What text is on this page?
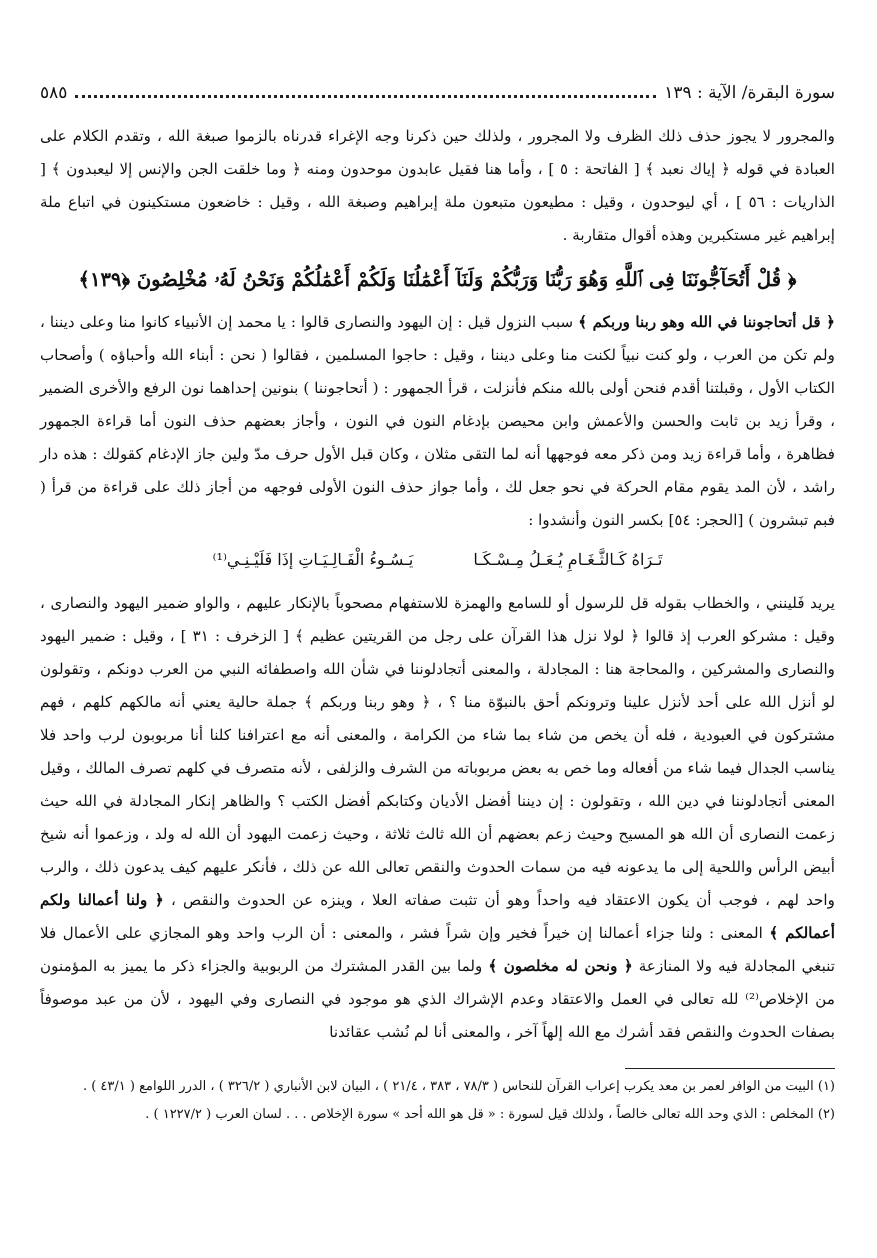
سورة البقرة/ الآية : ١٣٩
٥٨٥

والمجرور لا يجوز حذف ذلك الظرف ولا المجرور ، ولذلك حين ذكرنا وجه الإغراء قدرناه بالزموا صبغة الله ، وتقدم الكلام على العبادة في قوله ﴿ إياك نعبد ﴾ [ الفاتحة : ٥ ] ، وأما هنا فقيل عابدون موحدون ومنه ﴿ وما خلقت الجن والإنس إلا ليعبدون ﴾ [ الذاريات : ٥٦ ] ، أي ليوحدون ، وقيل : مطيعون متبعون ملة إبراهيم وصبغة الله ، وقيل : خاضعون مستكينون في اتباع ملة إبراهيم غير مستكبرين وهذه أقوال متقاربة .

﴿ قُلْ أَتُحَآجُّونَنَا فِى ٱللَّهِ وَهُوَ رَبُّنَا وَرَبُّكُمْ وَلَنَآ أَعْمَٰلُنَا وَلَكُمْ أَعْمَٰلُكُمْ وَنَحْنُ لَهُۥ مُخْلِصُونَ ﴿١٣٩﴾

﴿ قل أتحاجوننا في الله وهو ربنا وربكم ﴾ سبب النزول قيل : إن اليهود والنصارى قالوا : يا محمد إن الأنبياء كانوا منا وعلى ديننا ، ولم تكن من العرب ، ولو كنت نبياً لكنت منا وعلى ديننا ، وقيل : حاجوا المسلمين ، فقالوا ( نحن : أبناء الله وأحباؤه ) وأصحاب الكتاب الأول ، وقبلتنا أقدم فنحن أولى بالله منكم فأنزلت ، قرأ الجمهور : ( أتحاجوننا ) بنونين إحداهما نون الرفع والأخرى الضمير ، وقرأ زيد بن ثابت والحسن والأعمش وابن محيصن بإدغام النون في النون ، وأجاز بعضهم حذف النون أما قراءة الجمهور فظاهرة ، وأما قراءة زيد ومن ذكر معه فوجهها أنه لما التقى مثلان ، وكان قبل الأول حرف مدّ ولين جاز الإدغام كقولك : هذه دار راشد ، لأن المد يقوم مقام الحركة في نحو جعل لك ، وأما جواز حذف النون الأولى فوجهه من أجاز ذلك على قراءة من قرأ ( فبم تبشرون ) [الحجر: ٥٤] بكسر النون وأنشدوا :

تَـرَاهُ كَـالثَّـغَـامِ يُـعَـلُ مِـسْـكَـا
يَـسُـوءُ الْفَـالِـيَـاتِ إذَا فَلَيْـنِـي⁽¹⁾

يريد فَلينني ، والخطاب بقوله قل للرسول أو للسامع والهمزة للاستفهام مصحوباً بالإنكار عليهم ، والواو ضمير اليهود والنصارى ، وقيل : مشركو العرب إذ قالوا ﴿ لولا نزل هذا القرآن على رجل من القريتين عظيم ﴾ [ الزخرف : ٣١ ] ، وقيل : ضمير اليهود والنصارى والمشركين ، والمحاجة هنا : المجادلة ، والمعنى أتجادلوننا في شأن الله واصطفائه النبي من العرب دونكم ، وتقولون لو أنزل الله على أحد لأنزل علينا وترونكم أحق بالنبوّة منا ؟ ، ﴿ وهو ربنا وربكم ﴾ جملة حالية يعني أنه مالكهم كلهم ، فهم مشتركون في العبودية ، فله أن يخص من شاء بما شاء من الكرامة ، والمعنى أنه مع اعترافنا كلنا أنا مربوبون لرب واحد فلا يناسب الجدال فيما شاء من أفعاله وما خص به بعض مربوباته من الشرف والزلفى ، لأنه متصرف في كلهم تصرف المالك ، وقيل المعنى أتجادلوننا في دين الله ، وتقولون : إن ديننا أفضل الأديان وكتابكم أفضل الكتب ؟ والظاهر إنكار المجادلة في الله حيث زعمت النصارى أن الله هو المسيح وحيث زعم بعضهم أن الله ثالث ثلاثة ، وحيث زعمت اليهود أن الله له ولد ، وزعموا أنه شيخ أبيض الرأس واللحية إلى ما يدعونه فيه من سمات الحدوث والنقص تعالى الله عن ذلك ، فأنكر عليهم كيف يدعون ذلك ، والرب واحد لهم ، فوجب أن يكون الاعتقاد فيه واحداً وهو أن تثبت صفاته العلا ، وينزه عن الحدوث والنقص ، ﴿ ولنا أعمالنا ولكم أعمالكم ﴾ المعنى : ولنا جزاء أعمالنا إن خيراً فخير وإن شراً فشر ، والمعنى : أن الرب واحد وهو المجازي على الأعمال فلا تنبغي المجادلة فيه ولا المنازعة ﴿ ونحن له مخلصون ﴾ ولما بين القدر المشترك من الربوبية والجزاء ذكر ما يميز به المؤمنون من الإخلاص⁽²⁾ لله تعالى في العمل والاعتقاد وعدم الإشراك الذي هو موجود في النصارى وفي اليهود ، لأن من عبد موصوفاً بصفات الحدوث والنقص فقد أشرك مع الله إلهاً آخر ، والمعنى أنا لم نُشب عقائدنا

(١) البيت من الوافر لعمر بن معد يكرب إعراب القرآن للنحاس ( ٧٨/٣ ، ٣٨٣ ، ٢١/٤ ) ، البيان لابن الأنباري ( ٣٢٦/٢ ) ، الدرر اللوامع ( ٤٣/١ ) .

(٢) المخلص : الذي وحد الله تعالى خالصاً ، ولذلك قيل لسورة : « قل هو الله أحد » سورة الإخلاص . . . لسان العرب ( ١٢٢٧/٢ ) .
